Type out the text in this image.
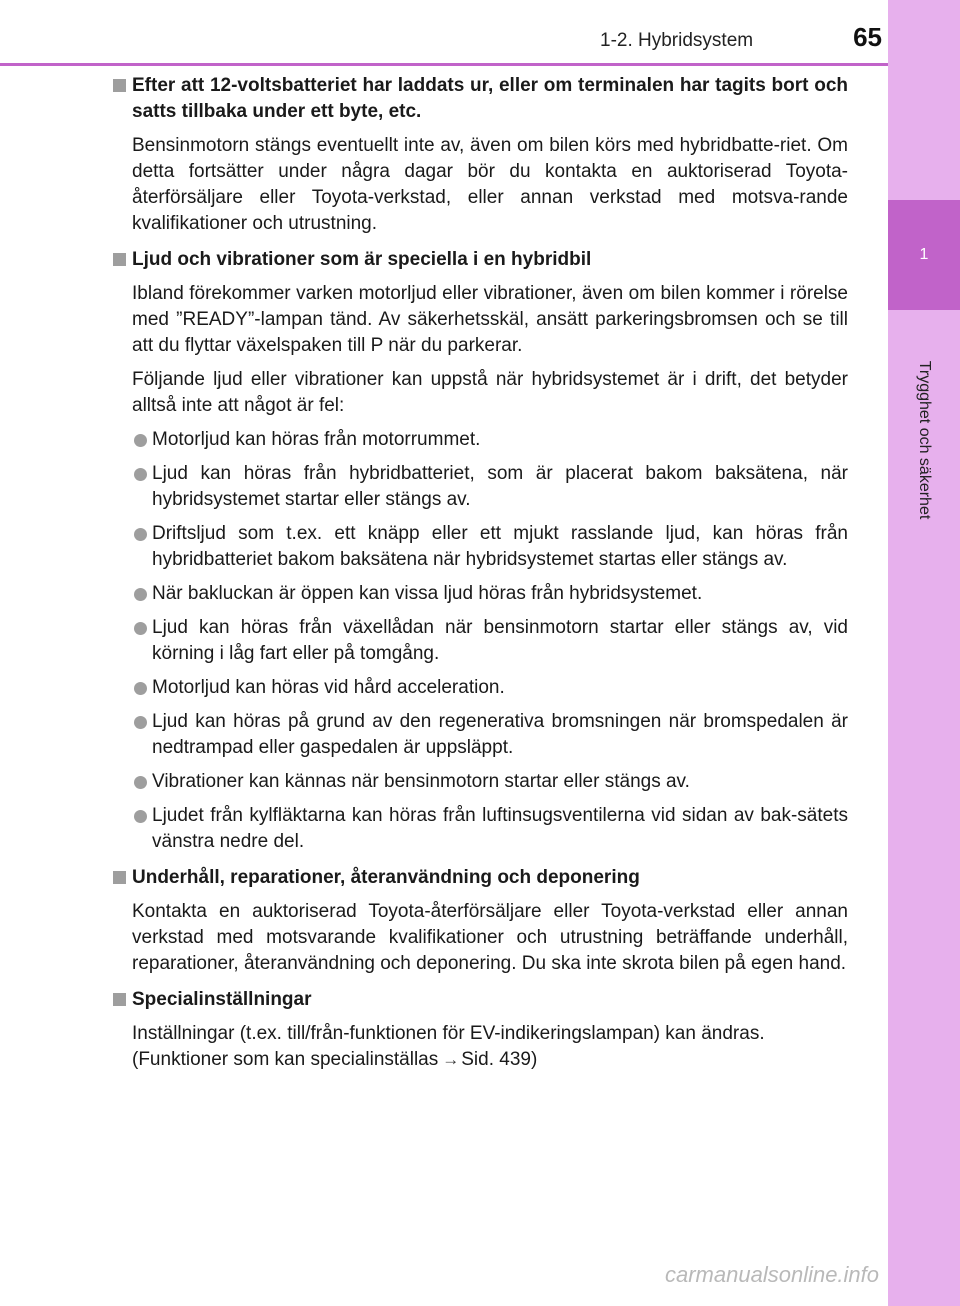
1
Trygghet och säkerhet
1-2. Hybridsystem	65
Efter att 12-voltsbatteriet har laddats ur, eller om terminalen har tagits bort och satts tillbaka under ett byte, etc.

Bensinmotorn stängs eventuellt inte av, även om bilen körs med hybridbatte-riet. Om detta fortsätter under några dagar bör du kontakta en auktoriserad Toyota-återförsäljare eller Toyota-verkstad, eller annan verkstad med motsva-rande kvalifikationer och utrustning.

Ljud och vibrationer som är speciella i en hybridbil

Ibland förekommer varken motorljud eller vibrationer, även om bilen kommer i rörelse med ”READY”-lampan tänd. Av säkerhetsskäl, ansätt parkeringsbromsen och se till att du flyttar växelspaken till P när du parkerar.

Följande ljud eller vibrationer kan uppstå när hybridsystemet är i drift, det betyder alltså inte att något är fel:

Motorljud kan höras från motorrummet.
Ljud kan höras från hybridbatteriet, som är placerat bakom baksätena, när hybridsystemet startar eller stängs av.
Driftsljud som t.ex. ett knäpp eller ett mjukt rasslande ljud, kan höras från hybridbatteriet bakom baksätena när hybridsystemet startas eller stängs av.
När bakluckan är öppen kan vissa ljud höras från hybridsystemet.
Ljud kan höras från växellådan när bensinmotorn startar eller stängs av, vid körning i låg fart eller på tomgång.
Motorljud kan höras vid hård acceleration.
Ljud kan höras på grund av den regenerativa bromsningen när bromspedalen är nedtrampad eller gaspedalen är uppsläppt.
Vibrationer kan kännas när bensinmotorn startar eller stängs av.
Ljudet från kylfläktarna kan höras från luftinsugsventilerna vid sidan av bak-sätets vänstra nedre del.
Underhåll, reparationer, återanvändning och deponering

Kontakta en auktoriserad Toyota-återförsäljare eller Toyota-verkstad eller annan verkstad med motsvarande kvalifikationer och utrustning beträffande underhåll, reparationer, återanvändning och deponering. Du ska inte skrota bilen på egen hand.

Specialinställningar

Inställningar (t.ex. till/från-funktionen för EV-indikeringslampan) kan ändras.

(Funktioner som kan specialinställas → Sid. 439)

carmanualsonline.info
